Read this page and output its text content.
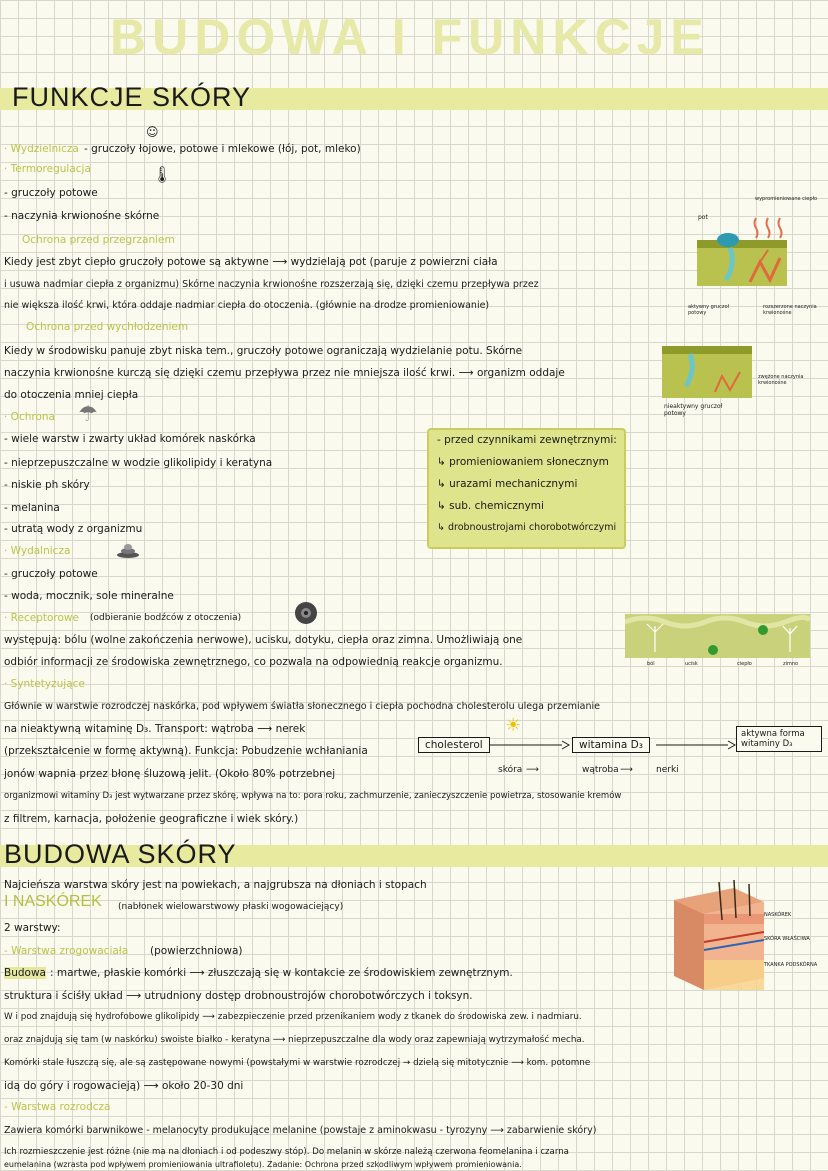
BUDOWA I FUNKCJE
FUNKCJE SKÓRY
· Wydzielnicza - gruczoły łojowe, potowe i mlekowe (łój, pot, mleko)
☺
· Termoregulacja	🌡
- gruczoły potowe
- naczynia krwionośne skórne
Ochrona przed przegrzaniem
Kiedy jest zbyt ciepło gruczoły potowe są aktywne ⟶ wydzielają pot (paruje z powierzni ciała
i usuwa nadmiar ciepła z organizmu) Skórne naczynia krwionośne rozszerzają się, dzięki czemu przepływa przez
nie większa ilość krwi, która oddaje nadmiar ciepła do otoczenia. (głównie na drodze promieniowanie)
Ochrona przed wychłodzeniem
Kiedy w środowisku panuje zbyt niska tem., gruczoły potowe ograniczają wydzielanie potu. Skórne
naczynia krwionośne kurczą się dzięki czemu przepływa przez nie mniejsza ilość krwi. ⟶ organizm oddaje
do otoczenia mniej ciepła
· Ochrona ☂
- wiele warstw i zwarty układ komórek naskórka
- nieprzepuszczalne w wodzie glikolipidy i keratyna
- niskie ph skóry
- melanina
- utratą wody z organizmu
· Wydalnicza
- gruczoły potowe
- woda, mocznik, sole mineralne
· Receptorowe (odbieranie bodźców z otoczenia)
występują: bólu (wolne zakończenia nerwowe), ucisku, dotyku, ciepła oraz zimna. Umożliwiają one
odbiór informacji ze środowiska zewnętrznego, co pozwala na odpowiednią reakcje organizmu.
· Syntetyzujące
Głównie w warstwie rozrodczej naskórka, pod wpływem światła słonecznego i ciepła pochodna cholesterolu ulega przemianie
na nieaktywną witaminę D₃. Transport: wątroba ⟶ nerek
(przekształcenie w formę aktywną). Funkcja: Pobudzenie wchłaniania
jonów wapnia przez błonę śluzową jelit. (Około 80% potrzebnej
organizmowi witaminy D₃ jest wytwarzane przez skórę, wpływa na to: pora roku, zachmurzenie, zanieczyszczenie powietrza, stosowanie kremów
z filtrem, karnacja, położenie geograficzne i wiek skóry.)
- przed czynnikami zewnętrznymi:
↳ promieniowaniem słonecznym
↳ urazami mechanicznymi
↳ sub. chemicznymi
↳ drobnoustrojami chorobotwórczymi
pot
wypromieniowane ciepło
aktywny gruczoł potowy
rozszerzone naczynia krwionośne
zwężone naczynia krwionośne
nieaktywny gruczoł potowy
ból	ucisk	ciepło	zimno
☀
cholesterol	witamina D₃
aktywna forma witaminy D₃
skóra ⟶	wątroba ⟶	nerki
BUDOWA SKÓRY
Najcieńsza warstwa skóry jest na powiekach, a najgrubsza na dłoniach i stopach
I NASKÓREK (nabłonek wielowarstwowy płaski wogowaciejący)
2 warstwy:
- Warstwa zrogowaciała (powierzchniowa)
Budowa : martwe, płaskie komórki ⟶ złuszczają się w kontakcie ze środowiskiem zewnętrznym.
struktura i ściśły układ ⟶ utrudniony dostęp drobnoustrojów chorobotwórczych i toksyn.
W i pod znajdują się hydrofobowe glikolipidy ⟶ zabezpieczenie przed przenikaniem wody z tkanek do środowiska zew. i nadmiaru.
oraz znajdują się tam (w naskórku) swoiste białko - keratyna ⟶ nieprzepuszczalne dla wody oraz zapewniają wytrzymałość mecha.
Komórki stale łuszczą się, ale są zastępowane nowymi (powstałymi w warstwie rozrodczej → dzielą się mitotycznie ⟶ kom. potomne
idą do góry i rogowacieją) ⟶ około 20-30 dni
- Warstwa rozrodcza
Zawiera komórki barwnikowe - melanocyty produkujące melanine (powstaje z aminokwasu - tyrozyny ⟶ zabarwienie skóry)
Ich rozmieszczenie jest różne (nie ma na dłoniach i od podeszwy stóp). Do melanin w skórze należą czerwona feomelanina i czarna
eumelanina (wzrasta pod wpływem promieniowania ultrafioletu). Zadanie: Ochrona przed szkodliwym wpływem promieniowania.
NASKÓREK
SKÓRA WŁAŚCIWA
TKANKA PODSKÓRNA
